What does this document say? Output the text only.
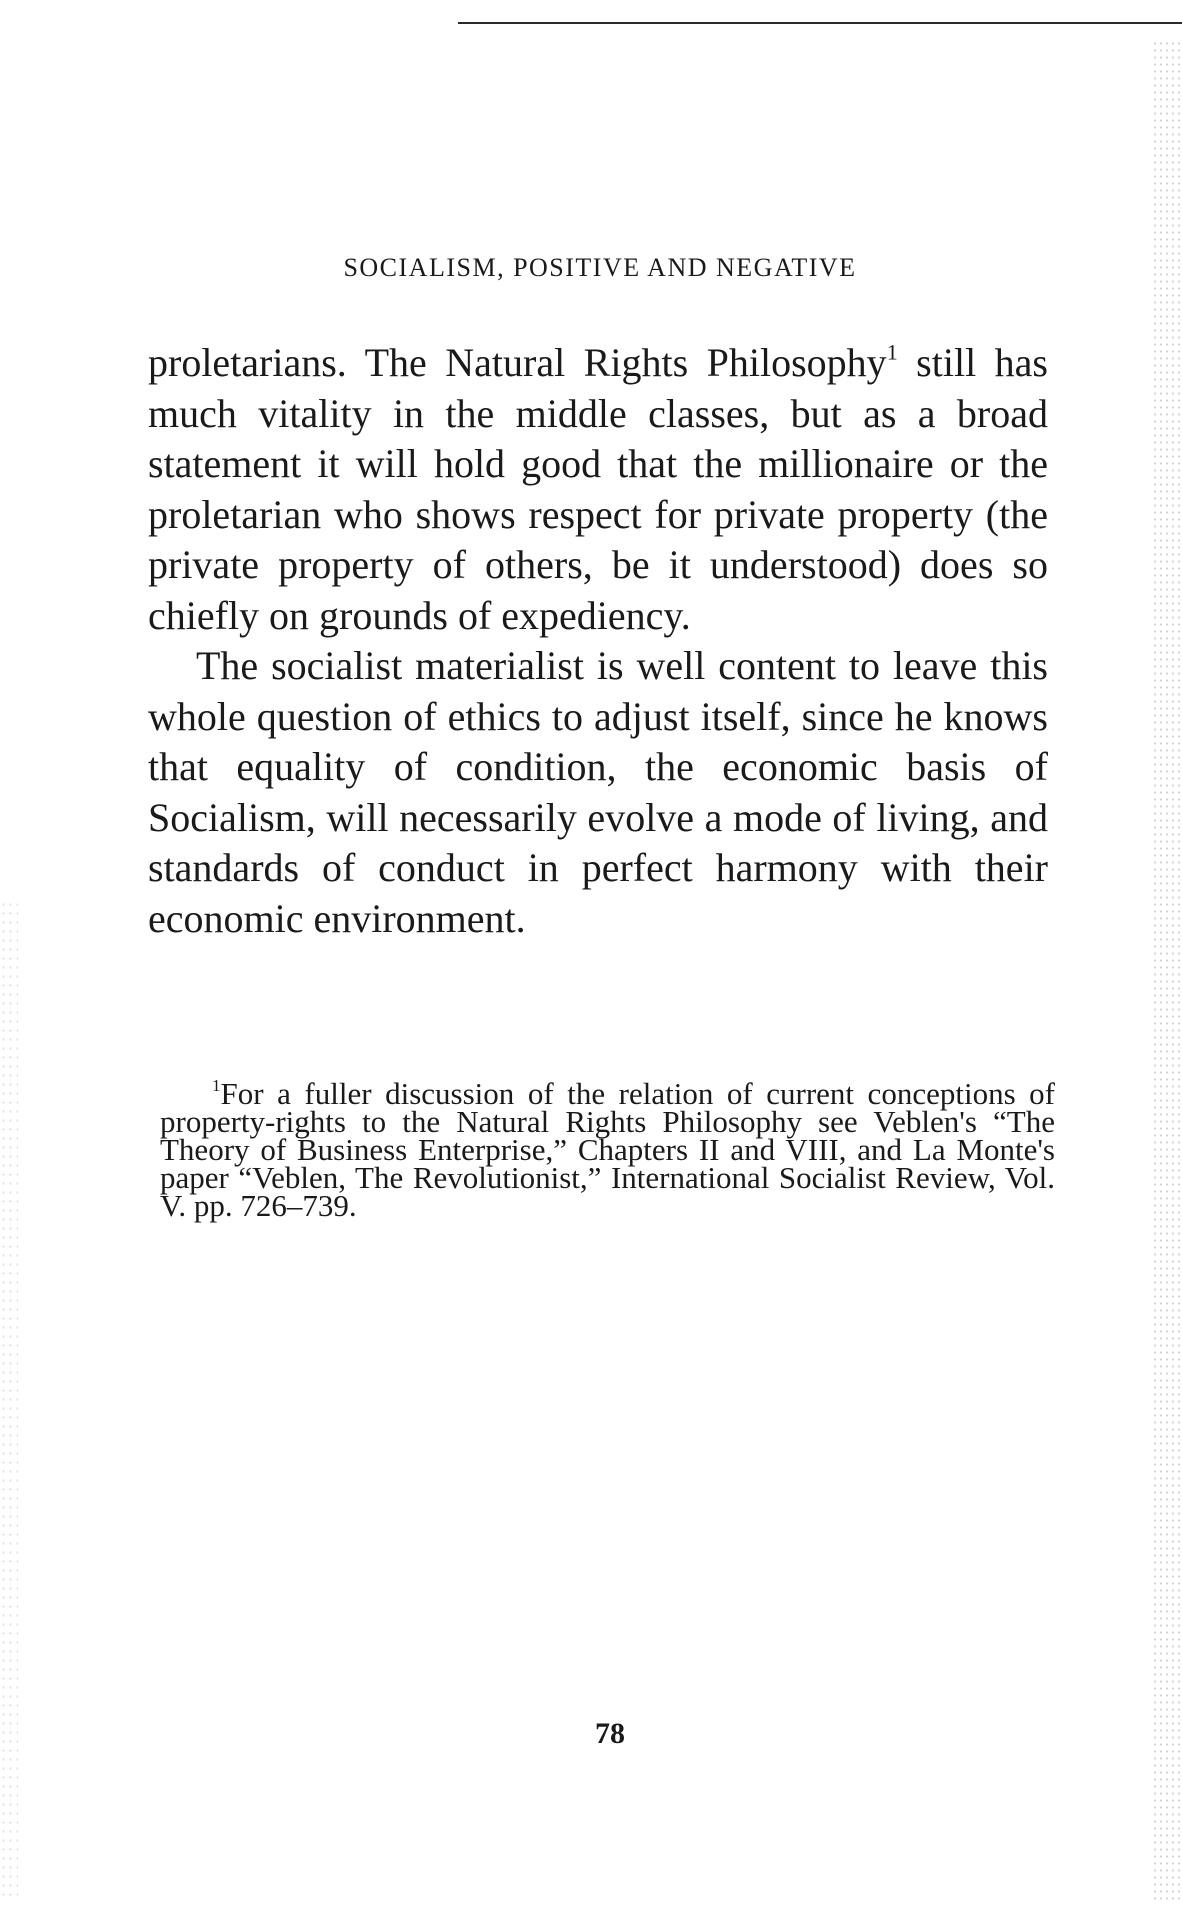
SOCIALISM, POSITIVE AND NEGATIVE

proletarians. The Natural Rights Philosophy$^1$ still has much vitality in the middle classes, but as a broad statement it will hold good that the millionaire or the proletarian who shows respect for private property (the private property of others, be it understood) does so chiefly on grounds of expediency.

The socialist materialist is well content to leave this whole question of ethics to adjust itself, since he knows that equality of condition, the economic basis of Socialism, will necessarily evolve a mode of living, and standards of conduct in perfect harmony with their economic environment.

$^1$For a fuller discussion of the relation of current conceptions of property-rights to the Natural Rights Philosophy see Veblen's “The Theory of Business Enterprise,” Chapters II and VIII, and La Monte's paper “Veblen, The Revolutionist,” International Socialist Review, Vol. V. pp. 726–739.
78
